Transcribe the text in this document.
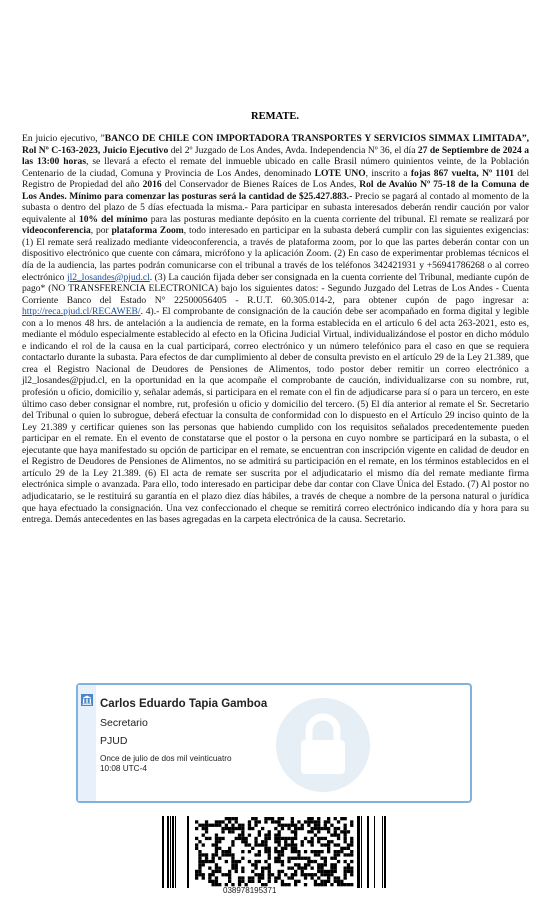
REMATE.
En juicio ejecutivo, ”BANCO DE CHILE CON IMPORTADORA TRANSPORTES Y SERVICIOS SIMMAX LIMITADA”, Rol Nº C-163-2023, Juicio Ejecutivo del 2º Juzgado de Los Andes, Avda. Independencia Nº 36, el día 27 de Septiembre de 2024 a las 13:00 horas, se llevará a efecto el remate del inmueble ubicado en calle Brasil número quinientos veinte, de la Población Centenario de la ciudad, Comuna y Provincia de Los Andes, denominado LOTE UNO, inscrito a fojas 867 vuelta, Nº 1101 del Registro de Propiedad del año 2016 del Conservador de Bienes Raíces de Los Andes, Rol de Avalúo Nº 75-18 de la Comuna de Los Andes. Mínimo para comenzar las posturas será la cantidad de $25.427.883.- Precio se pagará al contado al momento de la subasta o dentro del plazo de 5 días efectuada la misma.- Para participar en subasta interesados deberán rendir caución por valor equivalente al 10% del mínimo para las posturas mediante depósito en la cuenta corriente del tribunal. El remate se realizará por videoconferencia, por plataforma Zoom, todo interesado en participar en la subasta deberá cumplir con las siguientes exigencias: (1) El remate será realizado mediante videoconferencia, a través de plataforma zoom, por lo que las partes deberán contar con un dispositivo electrónico que cuente con cámara, micrófono y la aplicación Zoom. (2) En caso de experimentar problemas técnicos el día de la audiencia, las partes podrán comunicarse con el tribunal a través de los teléfonos 342421931 y +56941786268 o al correo electrónico jl2_losandes@pjud.cl. (3) La caución fijada deber ser consignada en la cuenta corriente del Tribunal, mediante cupón de pago* (NO TRANSFERENCIA ELECTRONICA) bajo los siguientes datos: - Segundo Juzgado del Letras de Los Andes - Cuenta Corriente Banco del Estado N° 22500056405 - R.U.T. 60.305.014-2, para obtener cupón de pago ingresar a: http://reca.pjud.cl/RECAWEB/. 4).- El comprobante de consignación de la caución debe ser acompañado en forma digital y legible con a lo menos 48 hrs. de antelación a la audiencia de remate, en la forma establecida en el artículo 6 del acta 263-2021, esto es, mediante el módulo especialmente establecido al efecto en la Oficina Judicial Virtual, individualizándose el postor en dicho módulo e indicando el rol de la causa en la cual participará, correo electrónico y un número telefónico para el caso en que se requiera contactarlo durante la subasta. Para efectos de dar cumplimiento al deber de consulta previsto en el artículo 29 de la Ley 21.389, que crea el Registro Nacional de Deudores de Pensiones de Alimentos, todo postor deber remitir un correo electrónico a jl2_losandes@pjud.cl, en la oportunidad en la que acompañe el comprobante de caución, individualizarse con su nombre, rut, profesión u oficio, domicilio y, señalar además, si participara en el remate con el fin de adjudicarse para sí o para un tercero, en este último caso deber consignar el nombre, rut, profesión u oficio y domicilio del tercero. (5) El día anterior al remate el Sr. Secretario del Tribunal o quien lo subrogue, deberá efectuar la consulta de conformidad con lo dispuesto en el Artículo 29 inciso quinto de la Ley 21.389 y certificar quienes son las personas que habiendo cumplido con los requisitos señalados precedentemente pueden participar en el remate. En el evento de constatarse que el postor o la persona en cuyo nombre se participará en la subasta, o el ejecutante que haya manifestado su opción de participar en el remate, se encuentran con inscripción vigente en calidad de deudor en el Registro de Deudores de Pensiones de Alimentos, no se admitirá su participación en el remate, en los términos establecidos en el artículo 29 de la Ley 21.389. (6) El acta de remate ser suscrita por el adjudicatario el mismo día del remate mediante firma electrónica simple o avanzada. Para ello, todo interesado en participar debe dar contar con Clave Única del Estado. (7) Al postor no adjudicatario, se le restituirá su garantía en el plazo diez días hábiles, a través de cheque a nombre de la persona natural o jurídica que haya efectuado la consignación. Una vez confeccionado el cheque se remitirá correo electrónico indicando día y hora para su entrega. Demás antecedentes en las bases agregadas en la carpeta electrónica de la causa. Secretario.
Carlos Eduardo Tapia Gamboa
Secretario
PJUD
Once de julio de dos mil veinticuatro
10:08 UTC-4
038978195371
